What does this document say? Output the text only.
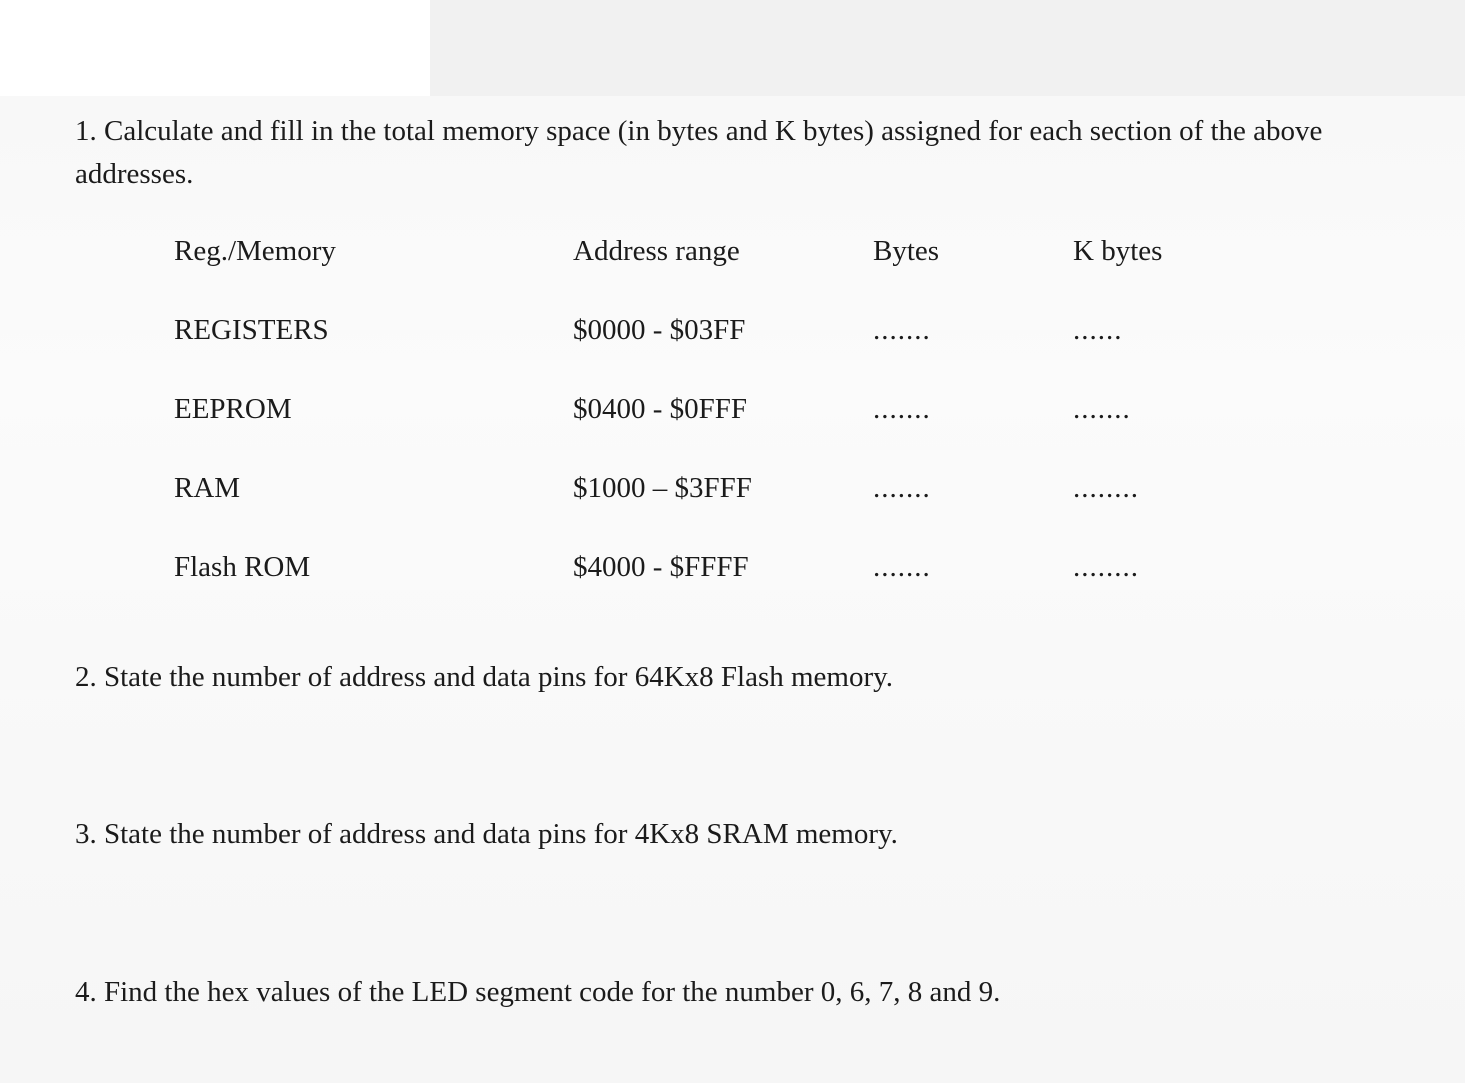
1. Calculate and fill in the total memory space (in bytes and K bytes) assigned for each section of the above addresses.

Reg./Memory	Address range	Bytes	K bytes
REGISTERS	$0000 - $03FF	.......	......
EEPROM	$0400 - $0FFF	.......	.......
RAM	$1000 – $3FFF	.......	........
Flash ROM	$4000 - $FFFF	.......	........

2. State the number of address and data pins for 64Kx8 Flash memory.

3. State the number of address and data pins for 4Kx8 SRAM memory.

4. Find the hex values of the LED segment code for the number 0, 6, 7, 8 and 9.
